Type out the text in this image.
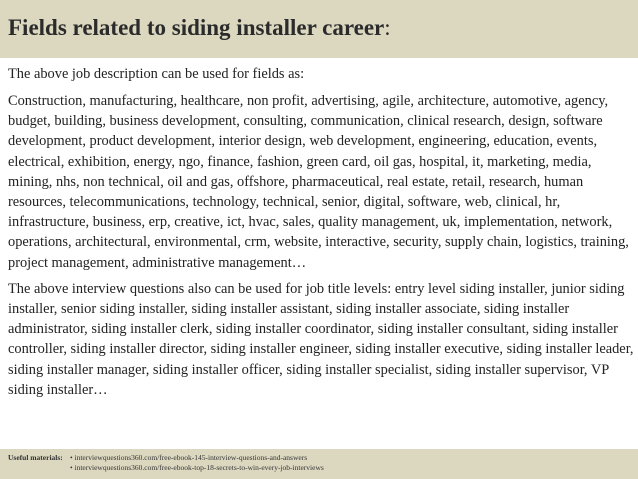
Fields related to siding installer career:

The above job description can be used for fields as:

Construction, manufacturing, healthcare, non profit, advertising, agile, architecture, automotive, agency, budget, building, business development, consulting, communication, clinical research, design, software development, product development, interior design, web development, engineering, education, events, electrical, exhibition, energy, ngo, finance, fashion, green card, oil gas, hospital, it, marketing, media, mining, nhs, non technical, oil and gas, offshore, pharmaceutical, real estate, retail, research, human resources, telecommunications, technology, technical, senior, digital, software, web, clinical, hr, infrastructure, business, erp, creative, ict, hvac, sales, quality management, uk, implementation, network, operations, architectural, environmental, crm, website, interactive, security, supply chain, logistics, training, project management, administrative management…

The above interview questions also can be used for job title levels: entry level siding installer, junior siding installer, senior siding installer, siding installer assistant, siding installer associate, siding installer administrator, siding installer clerk, siding installer coordinator, siding installer consultant, siding installer controller, siding installer director, siding installer engineer, siding installer executive, siding installer leader, siding installer manager, siding installer officer, siding installer specialist, siding installer supervisor, VP siding installer…

Useful materials: • interviewquestions360.com/free-ebook-145-interview-questions-and-answers
• interviewquestions360.com/free-ebook-top-18-secrets-to-win-every-job-interviews
